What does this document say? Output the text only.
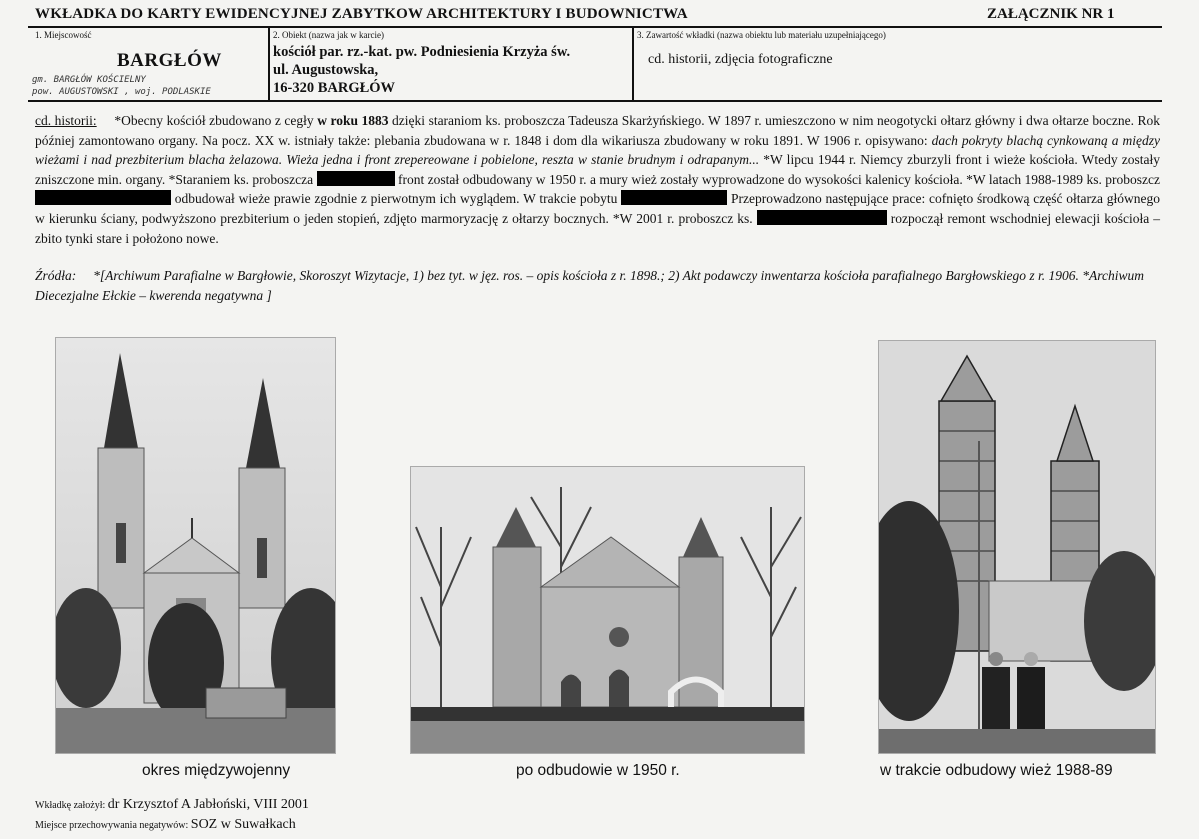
WKŁADKA DO KARTY EWIDENCYJNEJ ZABYTKOW ARCHITEKTURY I BUDOWNICTWA	ZAŁĄCZNIK NR 1
1. Miejscowość
BARGŁÓW
gm. BARGŁÓW KOŚCIELNY
pow. AUGUSTOWSKI , woj. PODLASKIE
2. Obiekt (nazwa jak w karcie)
kościół par. rz.-kat. pw. Podniesienia Krzyża św.
ul. Augustowska,
16-320 BARGŁÓW
3. Zawartość wkładki (nazwa obiektu lub materiału uzupełniającego)
cd. historii, zdjęcia fotograficzne
cd. historii: *Obecny kościół zbudowano z cegły w roku 1883 dzięki staraniom ks. proboszcza Tadeusza Skarżyńskiego. W 1897 r. umieszczono w nim neogotycki ołtarz główny i dwa ołtarze boczne. Rok później zamontowano organy. Na pocz. XX w. istniały także: plebania zbudowana w r. 1848 i dom dla wikariusza zbudowany w roku 1891. W 1906 r. opisywano: dach pokryty blachą cynkowaną a między wieżami i nad prezbiterium blacha żelazowa. Wieża jedna i front zrepereowane i pobielone, reszta w stanie brudnym i odrapanym... *W lipcu 1944 r. Niemcy zburzyli front i wieże kościoła. Wtedy zostały zniszczone min. organy. *Staraniem ks. proboszcza	front został odbudowany w 1950 r. a mury wież zostały wyprowadzone do wysokości kalenicy kościoła. *W latach 1988-1989 ks. proboszcz  odbudował wieże prawie zgodnie z pierwotnym ich wyglądem. W trakcie pobytu	Przeprowadzono następujące prace: cofnięto środkową część ołtarza głównego w kierunku ściany, podwyższono prezbiterium o jeden stopień, zdjęto marmoryzację z ołtarzy bocznych. *W 2001 r. proboszcz ks.	rozpoczął remont wschodniej elewacji kościoła – zbito tynki stare i położono nowe.
Źródła: *[Archiwum Parafialne w Bargłowie, Skoroszyt Wizytacje, 1) bez tyt. w jęz. ros. – opis kościoła z r. 1898.; 2) Akt podawczy inwentarza kościoła parafialnego Bargłowskiego z r. 1906. *Archiwum Diecezjalne Ełckie – kwerenda negatywna ]
okres międzywojenny	po odbudowie w 1950 r.	w trakcie odbudowy wież 1988-89
Wkładkę założył: dr Krzysztof A Jabłoński, VIII 2001
Miejsce przechowywania negatywów: SOZ w Suwałkach
